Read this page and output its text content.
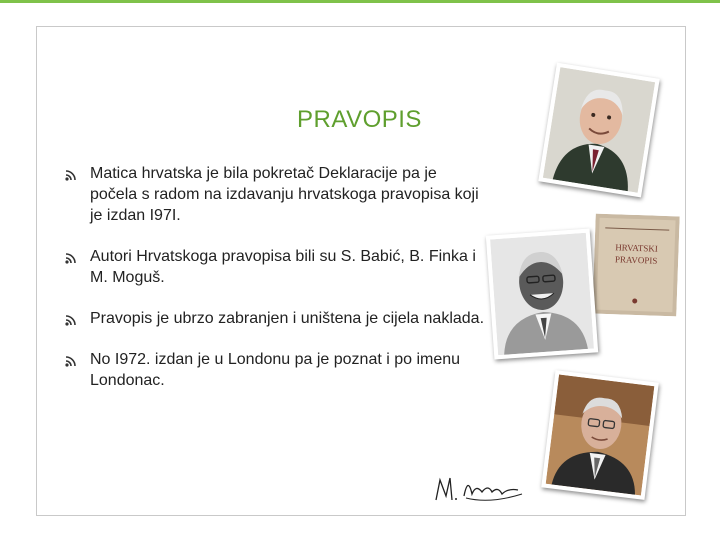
PRAVOPIS
Matica hrvatska je bila pokretač Deklaracije pa je počela s radom na izdavanju hrvatskoga pravopisa koji je izdan I97I.
Autori Hrvatskoga pravopisa bili su S. Babić, B. Finka i M. Moguš.
Pravopis je ubrzo zabranjen i uništena je cijela naklada.
No I972. izdan je u Londonu pa je poznat i po imenu Londonac.
HRVATSKI
PRAVOPIS
